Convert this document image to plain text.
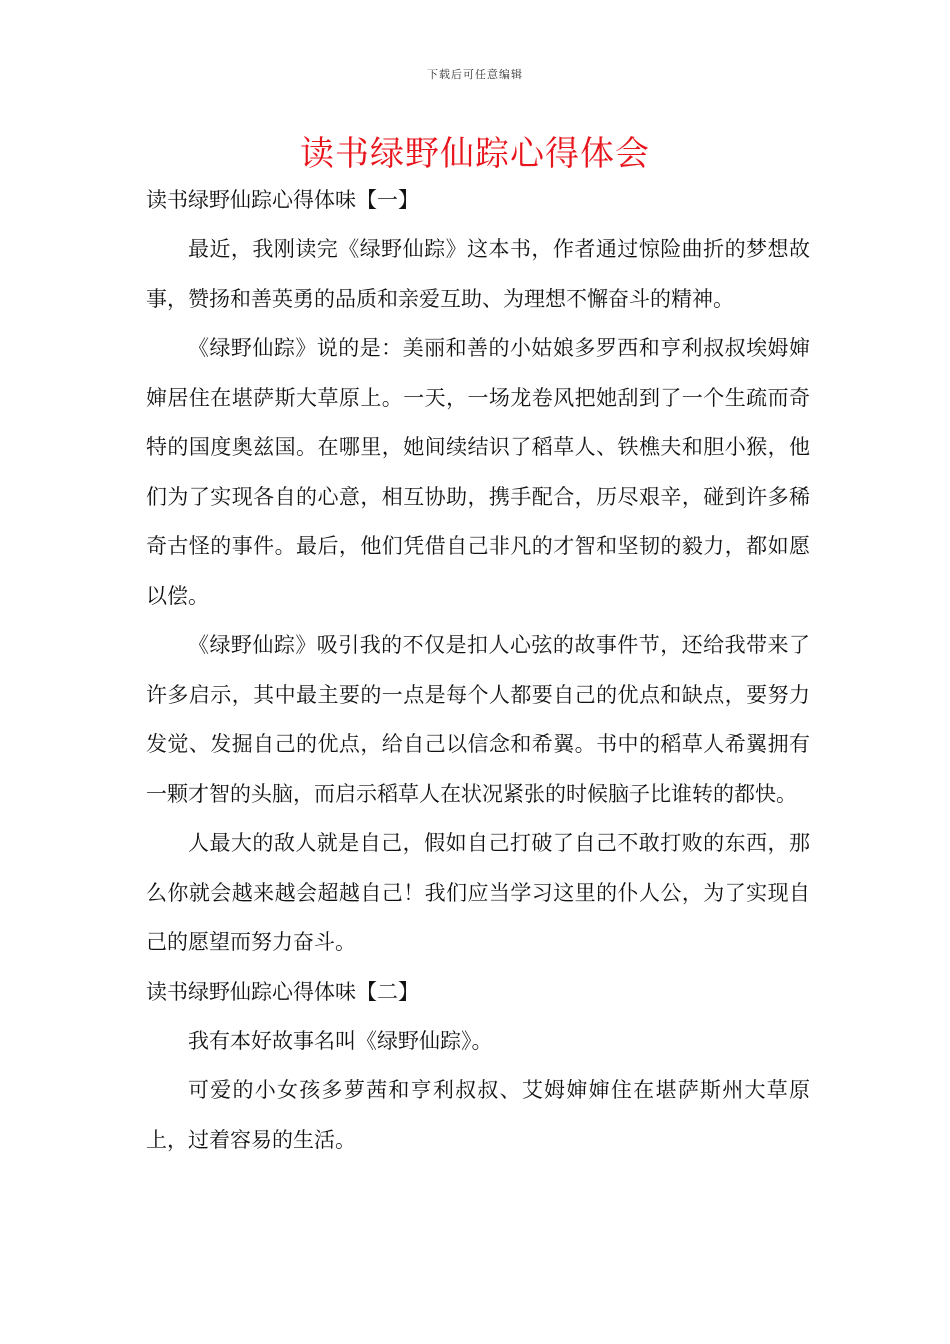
下载后可任意编辑
读书绿野仙踪心得体会

读书绿野仙踪心得体味【一】

最近，我刚读完《绿野仙踪》这本书，作者通过惊险曲折的梦想故事，赞扬和善英勇的品质和亲爱互助、为理想不懈奋斗的精神。

《绿野仙踪》说的是：美丽和善的小姑娘多罗西和亨利叔叔埃姆婶婶居住在堪萨斯大草原上。一天，一场龙卷风把她刮到了一个生疏而奇特的国度奥兹国。在哪里，她间续结识了稻草人、铁樵夫和胆小猴，他们为了实现各自的心意，相互协助，携手配合，历尽艰辛，碰到许多稀奇古怪的事件。最后，他们凭借自己非凡的才智和坚韧的毅力，都如愿以偿。

《绿野仙踪》吸引我的不仅是扣人心弦的故事件节，还给我带来了许多启示，其中最主要的一点是每个人都要自己的优点和缺点，要努力发觉、发掘自己的优点，给自己以信念和希翼。书中的稻草人希翼拥有一颗才智的头脑，而启示稻草人在状况紧张的时候脑子比谁转的都快。

人最大的敌人就是自己，假如自己打破了自己不敢打败的东西，那么你就会越来越会超越自己！我们应当学习这里的仆人公，为了实现自己的愿望而努力奋斗。

读书绿野仙踪心得体味【二】

我有本好故事名叫《绿野仙踪》。

可爱的小女孩多萝茜和亨利叔叔、艾姆婶婶住在堪萨斯州大草原上，过着容易的生活。
